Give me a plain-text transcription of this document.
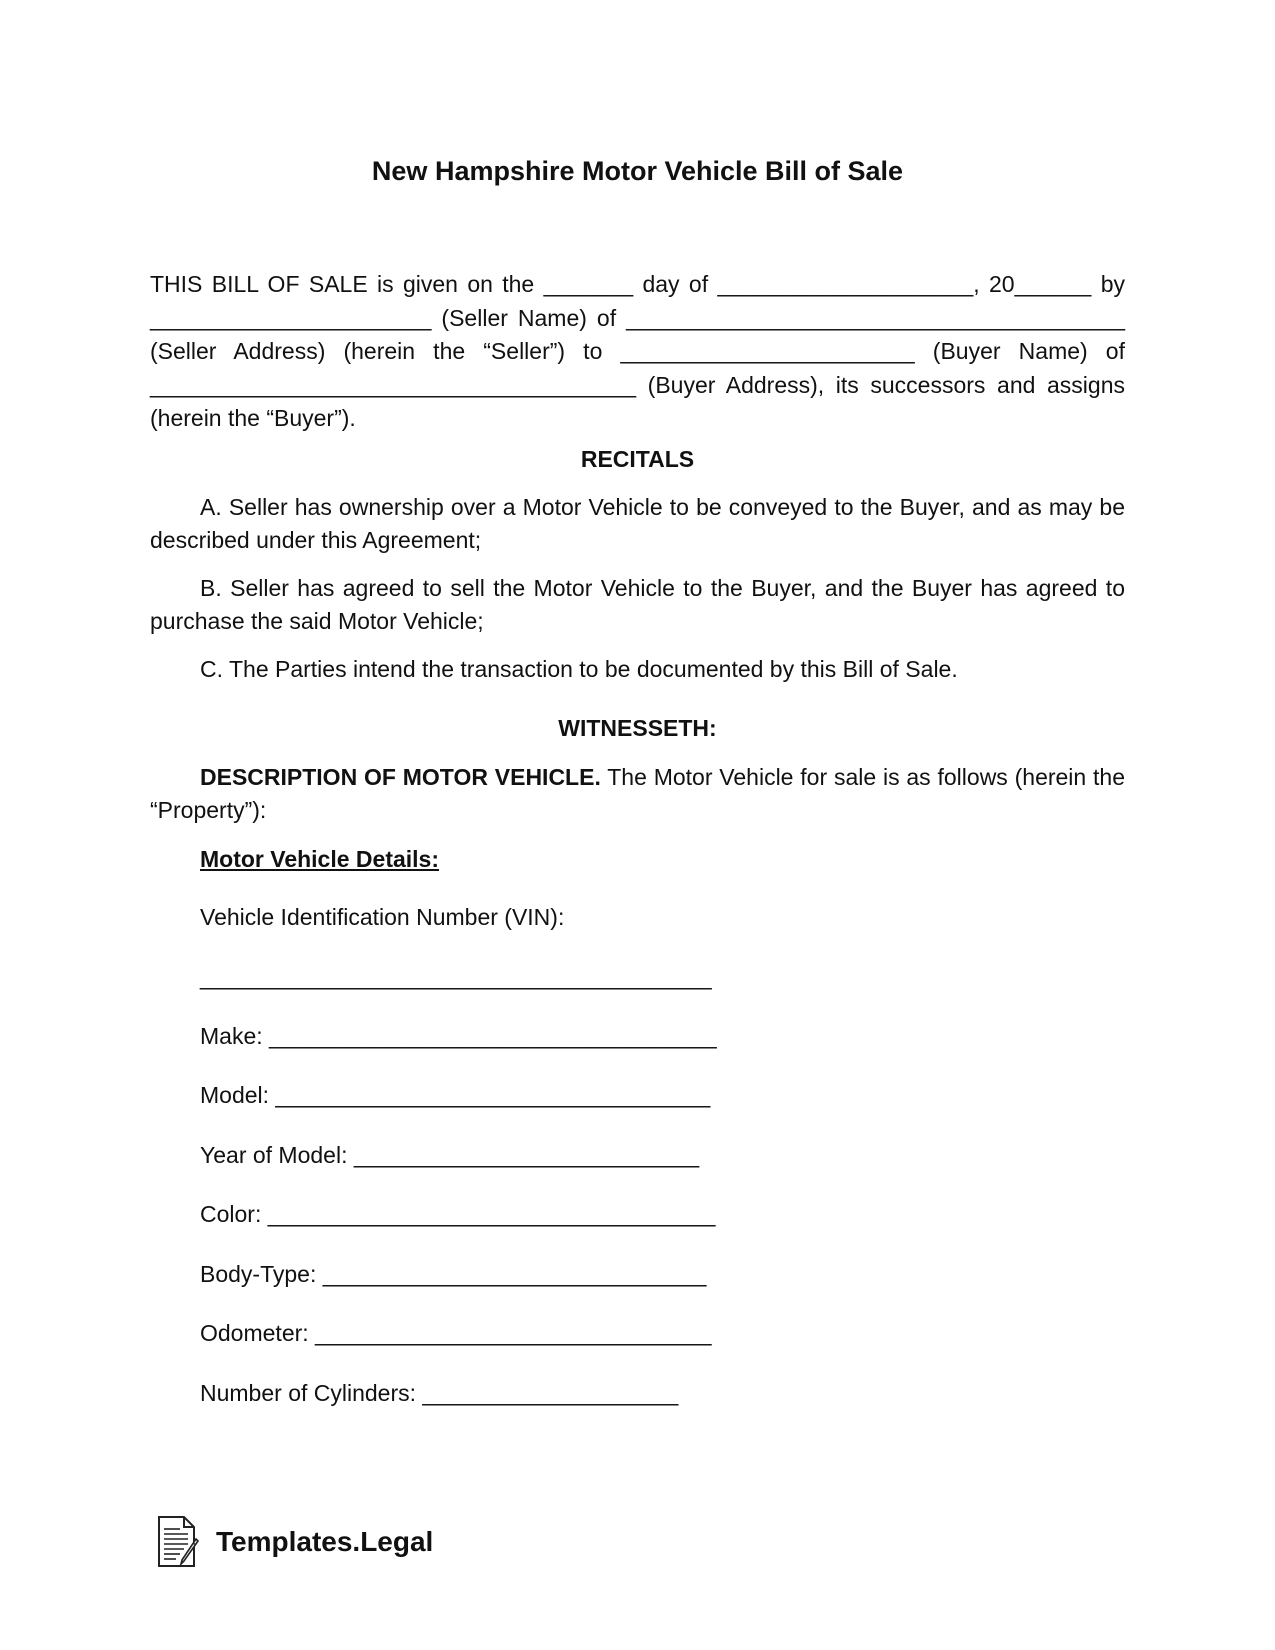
New Hampshire Motor Vehicle Bill of Sale

THIS BILL OF SALE is given on the _______ day of ____________________, 20______ by ______________________ (Seller Name) of _______________________________________ (Seller Address) (herein the “Seller”) to _______________________ (Buyer Name) of ______________________________________ (Buyer Address), its successors and assigns (herein the “Buyer”).

RECITALS

A. Seller has ownership over a Motor Vehicle to be conveyed to the Buyer, and as may be described under this Agreement;

B. Seller has agreed to sell the Motor Vehicle to the Buyer, and the Buyer has agreed to purchase the said Motor Vehicle;

C. The Parties intend the transaction to be documented by this Bill of Sale.

WITNESSETH:

DESCRIPTION OF MOTOR VEHICLE. The Motor Vehicle for sale is as follows (herein the “Property”):

Motor Vehicle Details:
Vehicle Identification Number (VIN):
________________________________________
Make: ___________________________________
Model: __________________________________
Year of Model: ___________________________
Color: ___________________________________
Body-Type: ______________________________
Odometer: _______________________________
Number of Cylinders: ____________________
Templates.Legal
